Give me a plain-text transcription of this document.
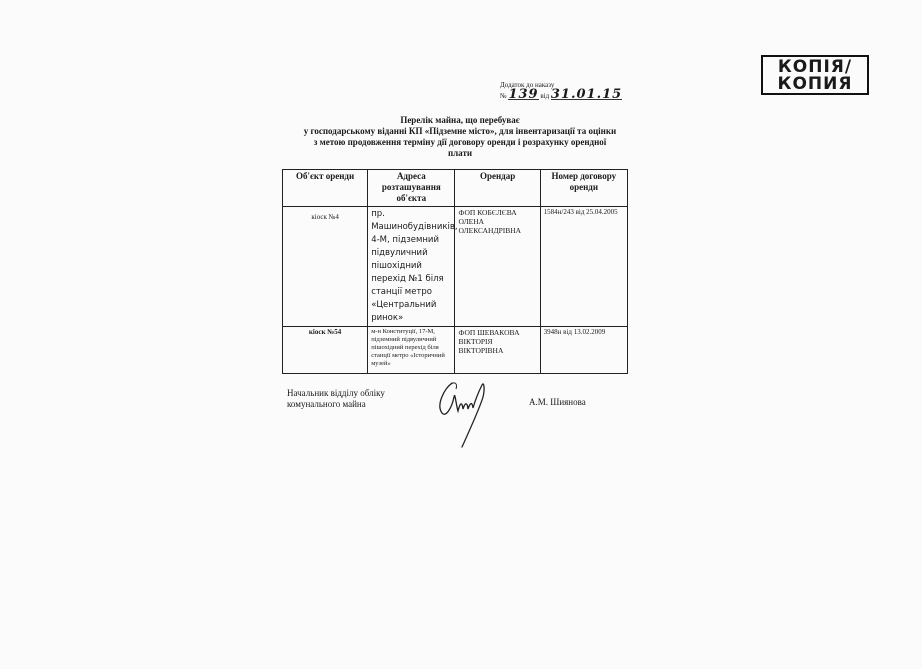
КОПІЯ/
КОПИЯ
Додаток до наказу
№ 139 від 31.01.15
Перелік майна, що перебуває
у господарському віданні КП «Підземне місто», для інвентаризації та оцінки
з метою продовження терміну дії договору оренди і розрахунку орендної
плати
Об'єкт оренди	Адреса розташування об'єкта	Орендар	Номер договору оренди
кіоск №4	пр. Машинобудівників, 4-М, підземний підвуличний пішохідний перехід №1 біля станції метро «Центральний ринок»	ФОП КОБЄЛЄВА ОЛЕНА ОЛЕКСАНДРІВНА	1584н/243 від 25.04.2005
кіоск №54	м-н Конституції, 17-М, підземний підвуличний пішохідний перехід біля станції метро «Історичний музей»	ФОП ШЕВАКОВА ВІКТОРІЯ ВІКТОРІВНА	3948н від 13.02.2009
Начальник відділу обліку
комунального майна	А.М. Шиянова
